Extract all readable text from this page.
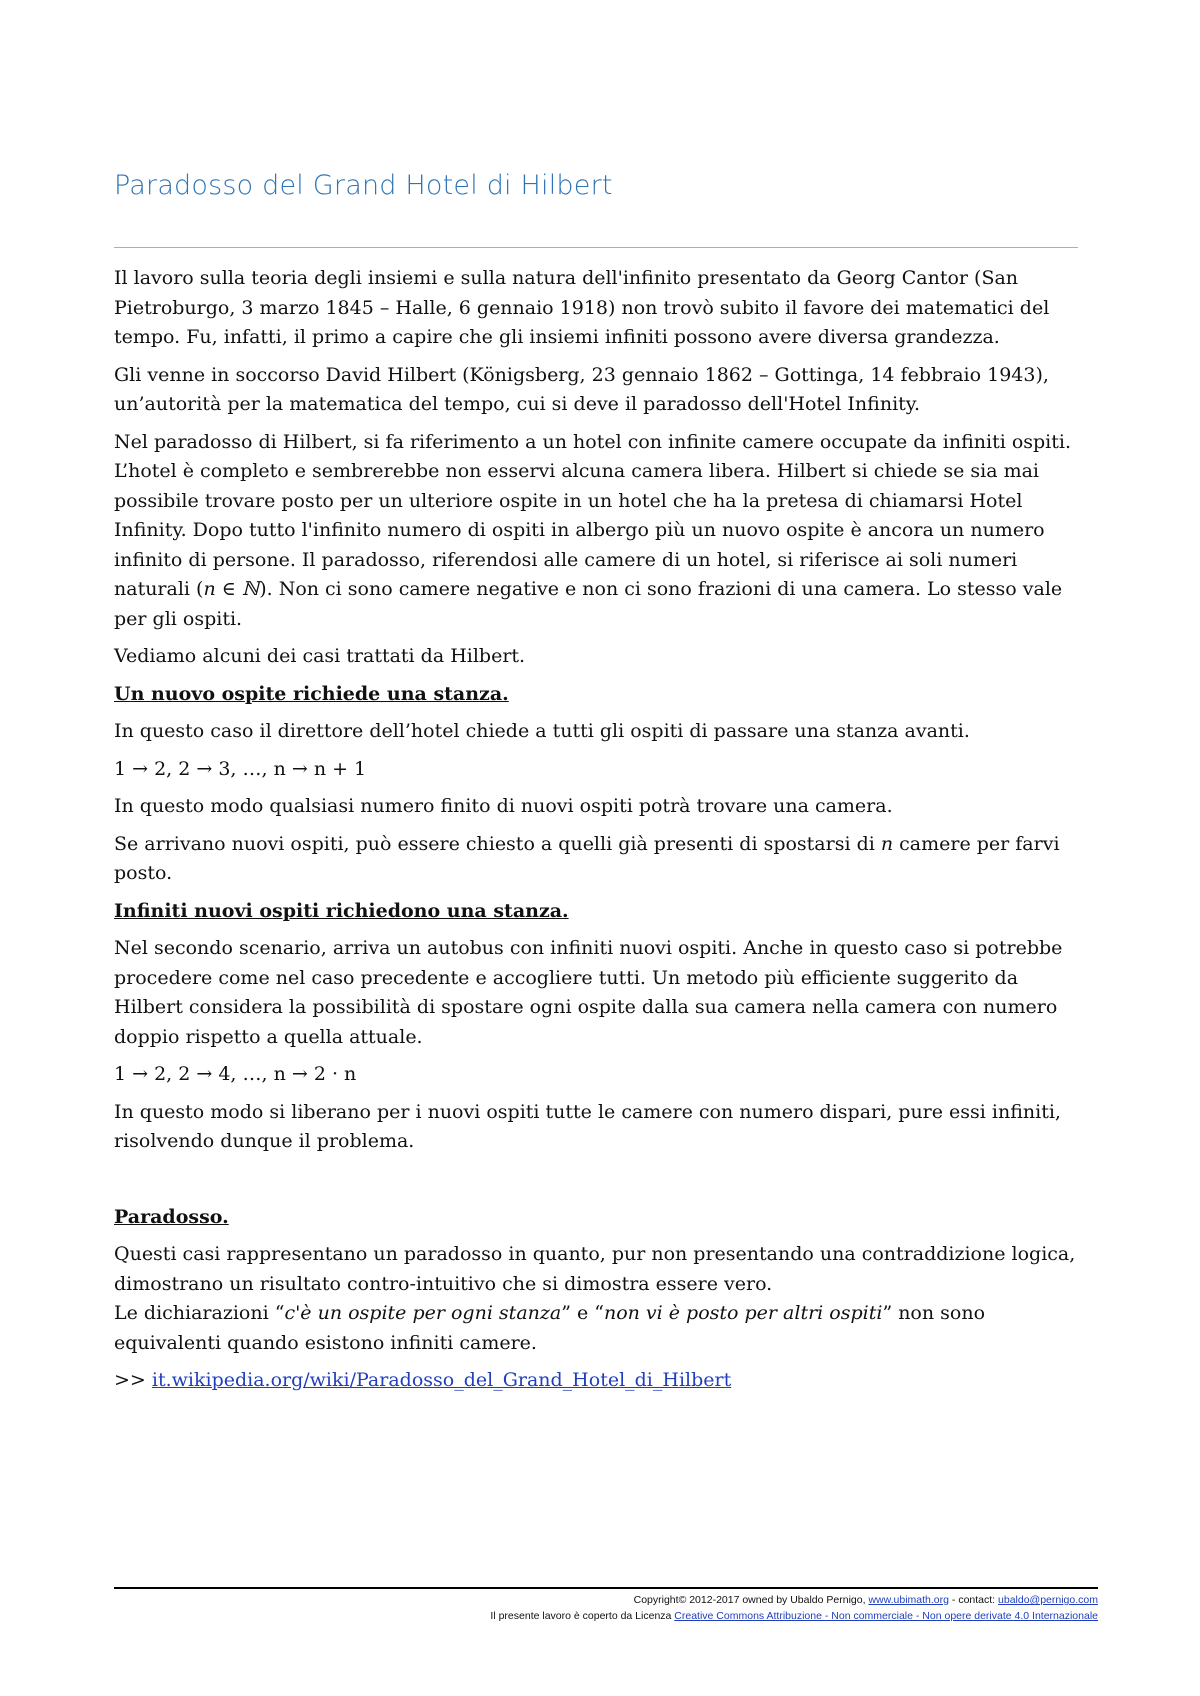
Paradosso del Grand Hotel di Hilbert

Il lavoro sulla teoria degli insiemi e sulla natura dell'infinito presentato da Georg Cantor (San Pietroburgo, 3 marzo 1845 – Halle, 6 gennaio 1918) non trovò subito il favore dei matematici del tempo. Fu, infatti, il primo a capire che gli insiemi infiniti possono avere diversa grandezza.

Gli venne in soccorso David Hilbert (Königsberg, 23 gennaio 1862 – Gottinga, 14 febbraio 1943), un’autorità per la matematica del tempo, cui si deve il paradosso dell'Hotel Infinity.

Nel paradosso di Hilbert, si fa riferimento a un hotel con infinite camere occupate da infiniti ospiti. L’hotel è completo e sembrerebbe non esservi alcuna camera libera. Hilbert si chiede se sia mai possibile trovare posto per un ulteriore ospite in un hotel che ha la pretesa di chiamarsi Hotel Infinity. Dopo tutto l'infinito numero di ospiti in albergo più un nuovo ospite è ancora un numero infinito di persone. Il paradosso, riferendosi alle camere di un hotel, si riferisce ai soli numeri naturali (n ∈ ℕ). Non ci sono camere negative e non ci sono frazioni di una camera. Lo stesso vale per gli ospiti.

Vediamo alcuni dei casi trattati da Hilbert.

Un nuovo ospite richiede una stanza.

In questo caso il direttore dell’hotel chiede a tutti gli ospiti di passare una stanza avanti.

1 → 2, 2 → 3, …, n → n + 1

In questo modo qualsiasi numero finito di nuovi ospiti potrà trovare una camera.

Se arrivano nuovi ospiti, può essere chiesto a quelli già presenti di spostarsi di n camere per farvi posto.

Infiniti nuovi ospiti richiedono una stanza.

Nel secondo scenario, arriva un autobus con infiniti nuovi ospiti. Anche in questo caso si potrebbe procedere come nel caso precedente e accogliere tutti. Un metodo più efficiente suggerito da Hilbert considera la possibilità di spostare ogni ospite dalla sua camera nella camera con numero doppio rispetto a quella attuale.

1 → 2, 2 → 4, …, n → 2 · n

In questo modo si liberano per i nuovi ospiti tutte le camere con numero dispari, pure essi infiniti, risolvendo dunque il problema.

Paradosso.

Questi casi rappresentano un paradosso in quanto, pur non presentando una contraddizione logica, dimostrano un risultato contro-intuitivo che si dimostra essere vero.

Le dichiarazioni “c'è un ospite per ogni stanza” e “non vi è posto per altri ospiti” non sono equivalenti quando esistono infiniti camere.

>> it.wikipedia.org/wiki/Paradosso_del_Grand_Hotel_di_Hilbert

Copyright© 2012-2017 owned by Ubaldo Pernigo, www.ubimath.org - contact: ubaldo@pernigo.com
Il presente lavoro è coperto da Licenza Creative Commons Attribuzione - Non commerciale - Non opere derivate 4.0 Internazionale
